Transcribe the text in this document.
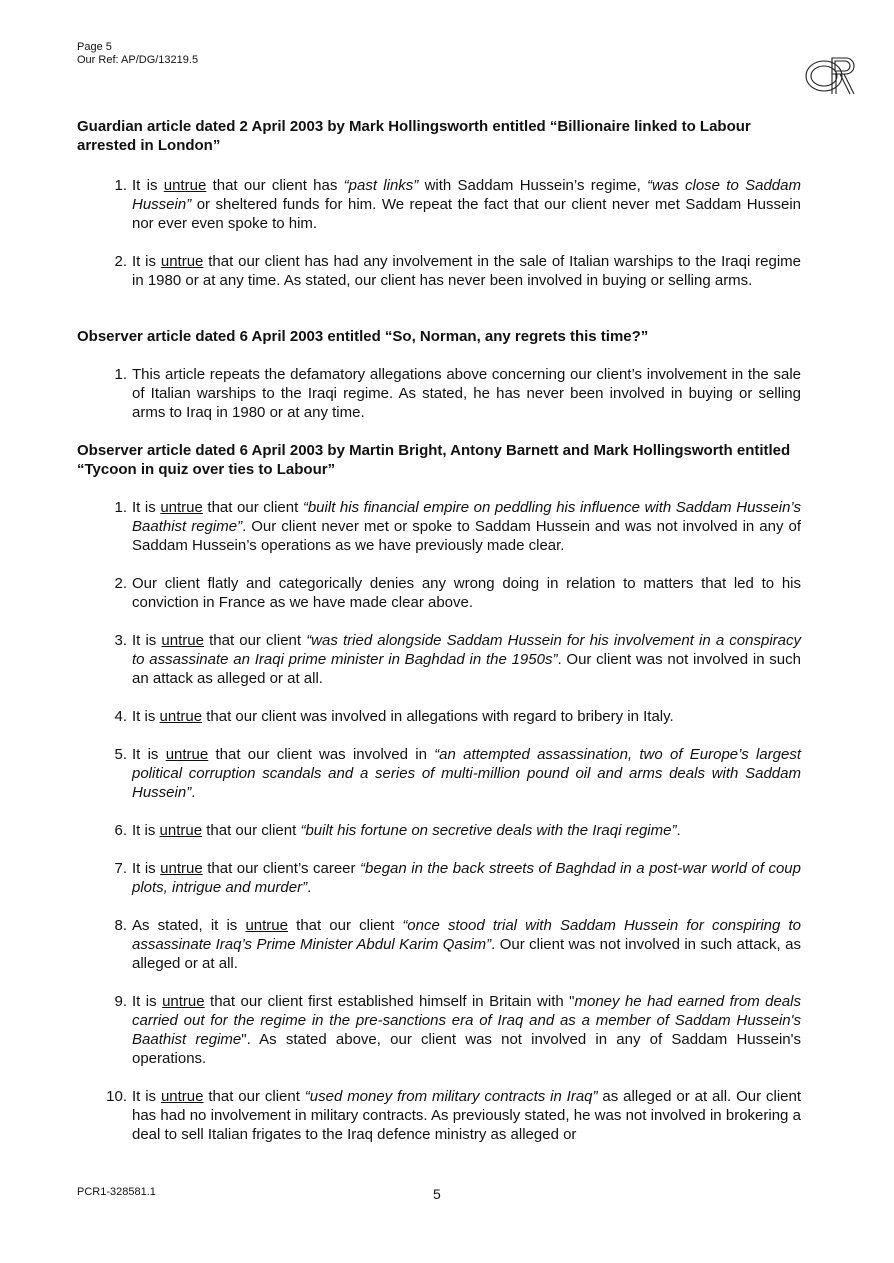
Page 5
Our Ref: AP/DG/13219.5
Guardian article dated 2 April 2003 by Mark Hollingsworth entitled “Billionaire linked to Labour arrested in London”
1. It is untrue that our client has “past links” with Saddam Hussein’s regime, “was close to Saddam Hussein” or sheltered funds for him. We repeat the fact that our client never met Saddam Hussein nor ever even spoke to him.
2. It is untrue that our client has had any involvement in the sale of Italian warships to the Iraqi regime in 1980 or at any time. As stated, our client has never been involved in buying or selling arms.
Observer article dated 6 April 2003 entitled “So, Norman, any regrets this time?”
1. This article repeats the defamatory allegations above concerning our client’s involvement in the sale of Italian warships to the Iraqi regime. As stated, he has never been involved in buying or selling arms to Iraq in 1980 or at any time.
Observer article dated 6 April 2003 by Martin Bright, Antony Barnett and Mark Hollingsworth entitled “Tycoon in quiz over ties to Labour”
1. It is untrue that our client “built his financial empire on peddling his influence with Saddam Hussein’s Baathist regime”. Our client never met or spoke to Saddam Hussein and was not involved in any of Saddam Hussein’s operations as we have previously made clear.
2. Our client flatly and categorically denies any wrong doing in relation to matters that led to his conviction in France as we have made clear above.
3. It is untrue that our client “was tried alongside Saddam Hussein for his involvement in a conspiracy to assassinate an Iraqi prime minister in Baghdad in the 1950s”. Our client was not involved in such an attack as alleged or at all.
4. It is untrue that our client was involved in allegations with regard to bribery in Italy.
5. It is untrue that our client was involved in “an attempted assassination, two of Europe’s largest political corruption scandals and a series of multi-million pound oil and arms deals with Saddam Hussein”.
6. It is untrue that our client “built his fortune on secretive deals with the Iraqi regime”.
7. It is untrue that our client’s career “began in the back streets of Baghdad in a post-war world of coup plots, intrigue and murder”.
8. As stated, it is untrue that our client “once stood trial with Saddam Hussein for conspiring to assassinate Iraq’s Prime Minister Abdul Karim Qasim”. Our client was not involved in such attack, as alleged or at all.
9. It is untrue that our client first established himself in Britain with "money he had earned from deals carried out for the regime in the pre-sanctions era of Iraq and as a member of Saddam Hussein's Baathist regime". As stated above, our client was not involved in any of Saddam Hussein's operations.
10. It is untrue that our client “used money from military contracts in Iraq” as alleged or at all. Our client has had no involvement in military contracts. As previously stated, he was not involved in brokering a deal to sell Italian frigates to the Iraq defence ministry as alleged or
PCR1-328581.1	5
